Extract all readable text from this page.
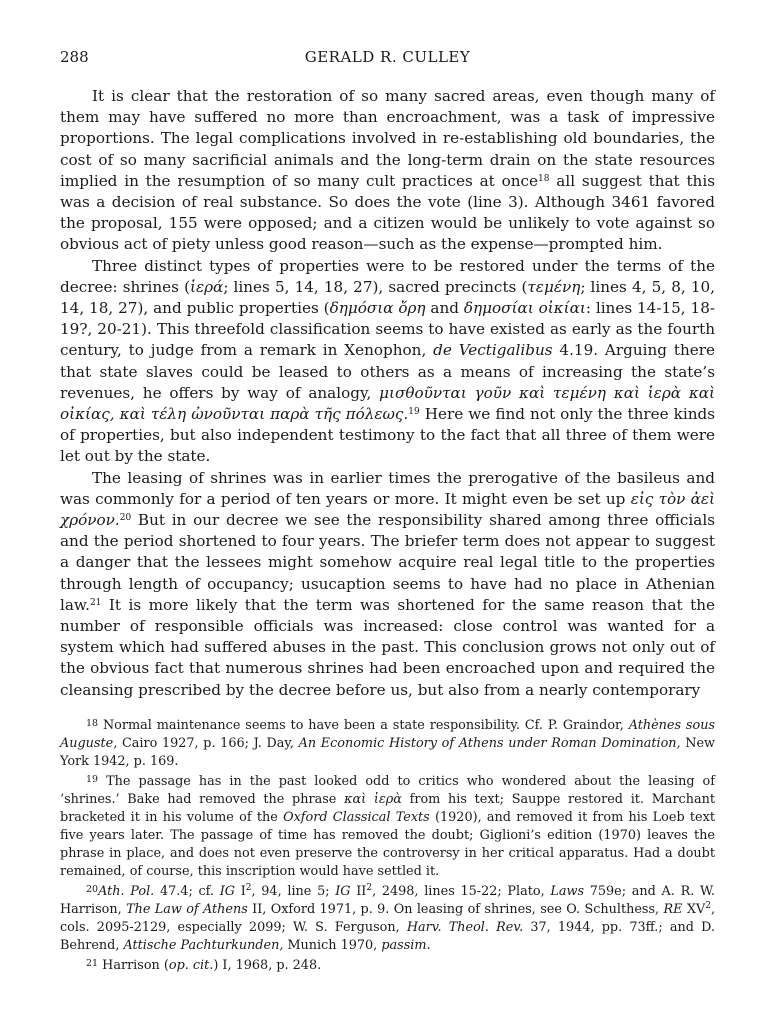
288	GERALD R. CULLEY

It is clear that the restoration of so many sacred areas, even though many of them may have suffered no more than encroachment, was a task of impressive proportions. The legal complications involved in re-establishing old boundaries, the cost of so many sacrificial animals and the long-term drain on the state resources implied in the resumption of so many cult practices at once$^{18}$ all suggest that this was a decision of real substance. So does the vote (line 3). Although 3461 favored the proposal, 155 were opposed; and a citizen would be unlikely to vote against so obvious act of piety unless good reason—such as the expense—prompted him.

Three distinct types of properties were to be restored under the terms of the decree: shrines (ἱερά; lines 5, 14, 18, 27), sacred precincts (τεμένη; lines 4, 5, 8, 10, 14, 18, 27), and public properties (δημόσια ὄρη and δημοσίαι οἰκίαι: lines 14-15, 18-19?, 20-21). This threefold classification seems to have existed as early as the fourth century, to judge from a remark in Xenophon, de Vectigalibus 4.19. Arguing there that state slaves could be leased to others as a means of increasing the state’s revenues, he offers by way of analogy, μισθοῦνται γοῦν καὶ τεμένη καὶ ἱερὰ καὶ οἰκίας, καὶ τέλη ὠνοῦνται παρὰ τῆς πόλεως.$^{19}$ Here we find not only the three kinds of properties, but also independent testimony to the fact that all three of them were let out by the state.

The leasing of shrines was in earlier times the prerogative of the basileus and was commonly for a period of ten years or more. It might even be set up εἰς τὸν ἀεὶ χρόνον.$^{20}$ But in our decree we see the responsibility shared among three officials and the period shortened to four years. The briefer term does not appear to suggest a danger that the lessees might somehow acquire real legal title to the properties through length of occupancy; usucaption seems to have had no place in Athenian law.$^{21}$ It is more likely that the term was shortened for the same reason that the number of responsible officials was increased: close control was wanted for a system which had suffered abuses in the past. This conclusion grows not only out of the obvious fact that numerous shrines had been encroached upon and required the cleansing prescribed by the decree before us, but also from a nearly contemporary

$^{18}$ Normal maintenance seems to have been a state responsibility. Cf. P. Graindor, Athènes sous Auguste, Cairo 1927, p. 166; J. Day, An Economic History of Athens under Roman Domination, New York 1942, p. 169.

$^{19}$ The passage has in the past looked odd to critics who wondered about the leasing of ‘shrines.’ Bake had removed the phrase καὶ ἱερὰ from his text; Sauppe restored it. Marchant bracketed it in his volume of the Oxford Classical Texts (1920), and removed it from his Loeb text five years later. The passage of time has removed the doubt; Giglioni’s edition (1970) leaves the phrase in place, and does not even preserve the controversy in her critical apparatus. Had a doubt remained, of course, this inscription would have settled it.

$^{20}$Ath. Pol. 47.4; cf. IG $I^2$, 94, line 5; IG $II^2$, 2498, lines 15-22; Plato, Laws 759e; and A. R. W. Harrison, The Law of Athens II, Oxford 1971, p. 9. On leasing of shrines, see O. Schulthess, RE $XV^2$, cols. 2095-2129, especially 2099; W. S. Ferguson, Harv. Theol. Rev. 37, 1944, pp. 73ff.; and D. Behrend, Attische Pachturkunden, Munich 1970, passim.

$^{21}$ Harrison (op. cit.) I, 1968, p. 248.
